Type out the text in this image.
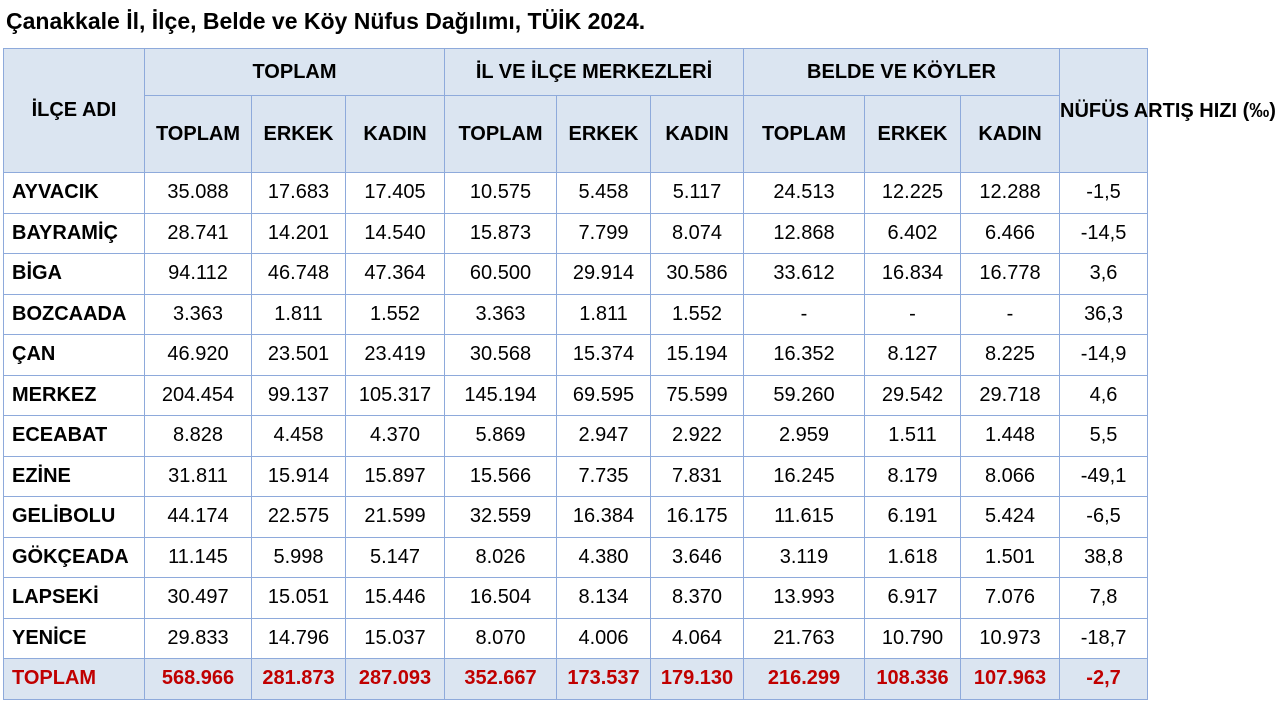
Çanakkale İl, İlçe, Belde ve Köy Nüfus Dağılımı, TÜİK 2024.
İLÇE ADI	TOPLAM			İL VE İLÇE MERKEZLERİ			BELDE VE KÖYLER			NÜFÜS ARTIŞ HIZI (‰)
	TOPLAM	ERKEK	KADIN	TOPLAM	ERKEK	KADIN	TOPLAM	ERKEK	KADIN	
AYVACIK	35.088	17.683	17.405	10.575	5.458	5.117	24.513	12.225	12.288	-1,5
BAYRAMİÇ	28.741	14.201	14.540	15.873	7.799	8.074	12.868	6.402	6.466	-14,5
BİGA	94.112	46.748	47.364	60.500	29.914	30.586	33.612	16.834	16.778	3,6
BOZCAADA	3.363	1.811	1.552	3.363	1.811	1.552	-	-	-	36,3
ÇAN	46.920	23.501	23.419	30.568	15.374	15.194	16.352	8.127	8.225	-14,9
MERKEZ	204.454	99.137	105.317	145.194	69.595	75.599	59.260	29.542	29.718	4,6
ECEABAT	8.828	4.458	4.370	5.869	2.947	2.922	2.959	1.511	1.448	5,5
EZİNE	31.811	15.914	15.897	15.566	7.735	7.831	16.245	8.179	8.066	-49,1
GELİBOLU	44.174	22.575	21.599	32.559	16.384	16.175	11.615	6.191	5.424	-6,5
GÖKÇEADA	11.145	5.998	5.147	8.026	4.380	3.646	3.119	1.618	1.501	38,8
LAPSEKİ	30.497	15.051	15.446	16.504	8.134	8.370	13.993	6.917	7.076	7,8
YENİCE	29.833	14.796	15.037	8.070	4.006	4.064	21.763	10.790	10.973	-18,7
TOPLAM	568.966	281.873	287.093	352.667	173.537	179.130	216.299	108.336	107.963	-2,7
